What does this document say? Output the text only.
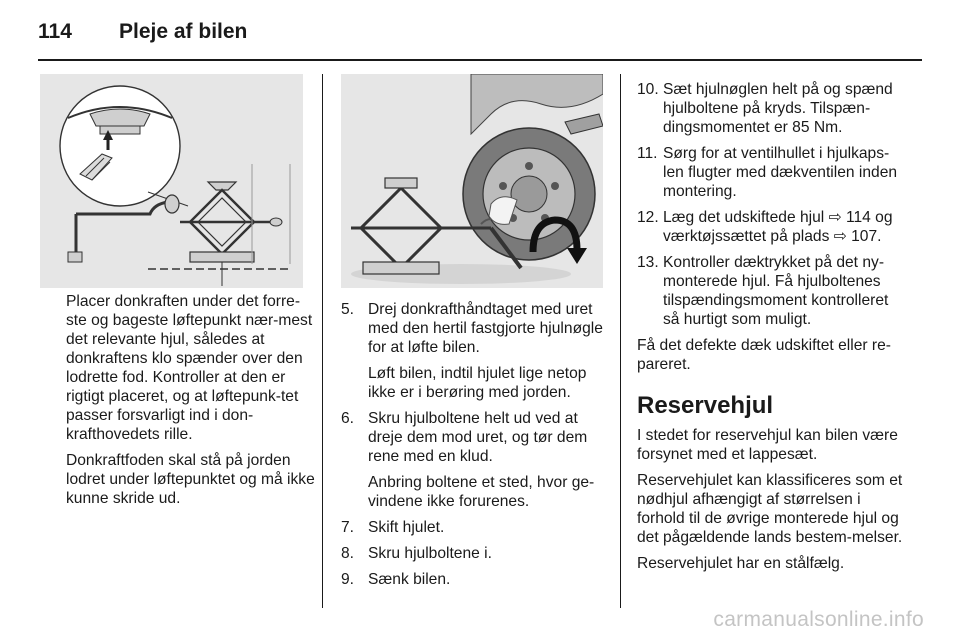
114 Pleje af bilen

Placer donkraften under det forre-ste og bageste løftepunkt nær-mest det relevante hjul, således at donkraftens klo spænder over den lodrette fod. Kontroller at den er rigtigt placeret, og at løftepunk-tet passer forsvarligt ind i don-krafthovedets rille.

Donkraftfoden skal stå på jorden lodret under løftepunktet og må ikke kunne skride ud.

5. Drej donkrafthåndtaget med uret med den hertil fastgjorte hjulnøgle for at løfte bilen.

Løft bilen, indtil hjulet lige netop ikke er i berøring med jorden.

6. Skru hjulboltene helt ud ved at dreje dem mod uret, og tør dem rene med en klud.

Anbring boltene et sted, hvor ge-vindene ikke forurenes.

7. Skift hjulet.

8. Skru hjulboltene i.

9. Sænk bilen.

10. Sæt hjulnøglen helt på og spænd hjulboltene på kryds. Tilspæn-dingsmomentet er 85 Nm.

11. Sørg for at ventilhullet i hjulkaps-len flugter med dækventilen inden montering.

12. Læg det udskiftede hjul ⇨ 114 og værktøjssættet på plads ⇨ 107.

13. Kontroller dæktrykket på det ny-monterede hjul. Få hjulboltenes tilspændingsmoment kontrolleret så hurtigt som muligt.

Få det defekte dæk udskiftet eller re-pareret.

Reservehjul

I stedet for reservehjul kan bilen være forsynet med et lappesæt.

Reservehjulet kan klassificeres som et nødhjul afhængigt af størrelsen i forhold til de øvrige monterede hjul og det pågældende lands bestem-melser.

Reservehjulet har en stålfælg.

carmanualsonline.info
